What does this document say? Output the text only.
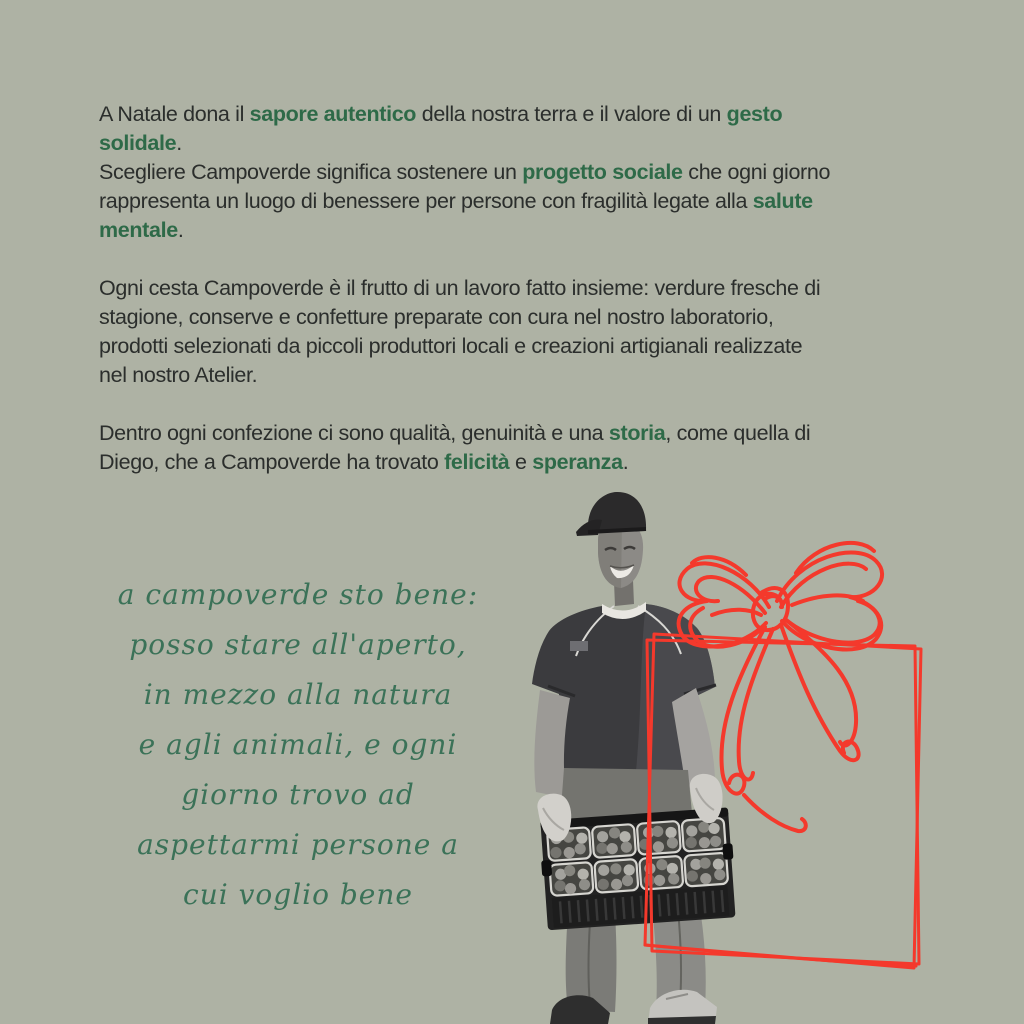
A Natale dona il sapore autentico della nostra terra e il valore di un gesto
solidale.
Scegliere Campoverde significa sostenere un progetto sociale che ogni giorno
rappresenta un luogo di benessere per persone con fragilità legate alla salute
mentale.

Ogni cesta Campoverde è il frutto di un lavoro fatto insieme: verdure fresche di
stagione, conserve e confetture preparate con cura nel nostro laboratorio,
prodotti selezionati da piccoli produttori locali e creazioni artigianali realizzate
nel nostro Atelier.

Dentro ogni confezione ci sono qualità, genuinità e una storia, come quella di
Diego, che a Campoverde ha trovato felicità e speranza.

a campoverde sto bene:
posso stare all'aperto,
in mezzo alla natura
e agli animali, e ogni
giorno trovo ad
aspettarmi persone a
cui voglio bene
